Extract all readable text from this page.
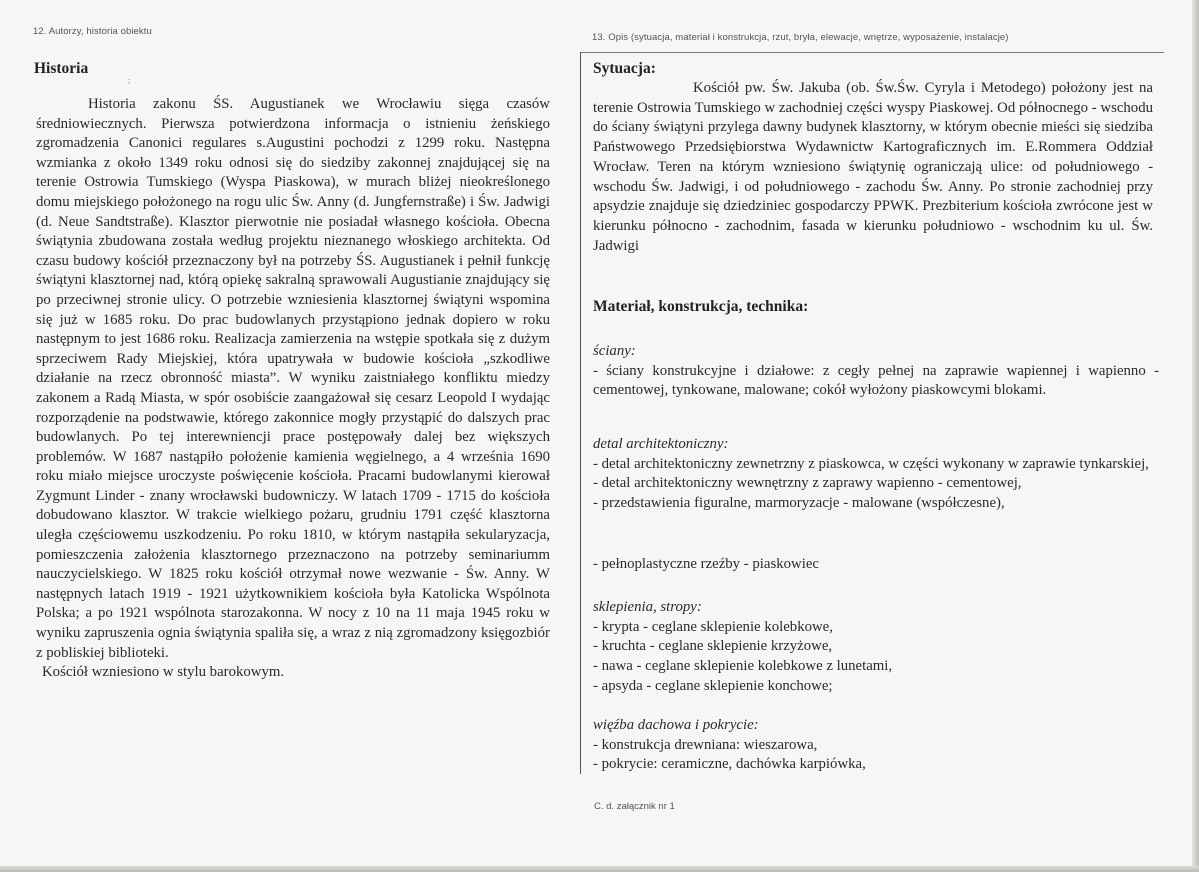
12. Autorzy, historia obiektu
13. Opis (sytuacja, materiał i konstrukcja, rzut, bryła, elewacje, wnętrze, wyposażenie, instalacje)
Historia
;

Historia zakonu ŚS. Augustianek we Wrocławiu sięga czasów średniowiecznych. Pierwsza potwierdzona informacja o istnieniu żeńskiego zgromadzenia Canonici regulares s.Augustini pochodzi z 1299 roku. Następna wzmianka z około 1349 roku odnosi się do siedziby zakonnej znajdującej się na terenie Ostrowia Tumskiego (Wyspa Piaskowa), w murach bliżej nieokreślonego domu miejskiego położonego na rogu ulic Św. Anny (d. Jungfernstraße) i Św. Jadwigi (d. Neue Sandtstraße). Klasztor pierwotnie nie posiadał własnego kościoła. Obecna świątynia zbudowana została według projektu nieznanego włoskiego architekta. Od czasu budowy kościół przeznaczony był na potrzeby ŚS. Augustianek i pełnił funkcję świątyni klasztornej nad, którą opiekę sakralną sprawowali Augustianie znajdujący się po przeciwnej stronie ulicy. O potrzebie wzniesienia klasztornej świątyni wspomina się już w 1685 roku. Do prac budowlanych przystąpiono jednak dopiero w roku następnym to jest 1686 roku. Realizacja zamierzenia na wstępie spotkała się z dużym sprzeciwem Rady Miejskiej, która upatrywała w budowie kościoła „szkodliwe działanie na rzecz obronność miasta”. W wyniku zaistniałego konfliktu miedzy zakonem a Radą Miasta, w spór osobiście zaangażował się cesarz Leopold I wydając rozporządenie na podstwawie, którego zakonnice mogły przystąpić do dalszych prac budowlanych. Po tej interewniencji prace postępowały dalej bez większych problemów. W 1687 nastąpiło położenie kamienia węgielnego, a 4 września 1690 roku miało miejsce uroczyste poświęcenie kościoła. Pracami budowlanymi kierował Zygmunt Linder - znany wrocławski budowniczy. W latach 1709 - 1715 do kościoła dobudowano klasztor. W trakcie wielkiego pożaru, grudniu 1791 część klasztorna uległa częściowemu uszkodzeniu. Po roku 1810, w którym nastąpiła sekularyzacja, pomieszczenia założenia klasztornego przeznaczono na potrzeby seminariumm nauczycielskiego. W 1825 roku kościół otrzymał nowe wezwanie - Św. Anny. W następnych latach 1919 - 1921 użytkownikiem kościoła była Katolicka Wspólnota Polska; a po 1921 wspólnota starozakonna. W nocy z 10 na 11 maja 1945 roku w wyniku zapruszenia ognia świątynia spaliła się, a wraz z nią zgromadzony księgozbiór z pobliskiej biblioteki.

Kościół wzniesiono w stylu barokowym.

Sytuacja:
Kościół pw. Św. Jakuba (ob. Św.Św. Cyryla i Metodego) położony jest na terenie Ostrowia Tumskiego w zachodniej części wyspy Piaskowej. Od północnego - wschodu do ściany świątyni przylega dawny budynek klasztorny, w którym obecnie mieści się siedziba Państwowego Przedsiębiorstwa Wydawnictw Kartograficznych im. E.Rommera Oddział Wrocław. Teren na którym wzniesiono świątynię ograniczają ulice: od południowego - wschodu Św. Jadwigi, i od południowego - zachodu Św. Anny. Po stronie zachodniej przy apsydzie znajduje się dziedziniec gospodarczy PPWK. Prezbiterium kościoła zwrócone jest w kierunku północno - zachodnim, fasada w kierunku południowo - wschodnim ku ul. Św. Jadwigi
Materiał, konstrukcja, technika:
ściany:
- ściany konstrukcyjne i działowe: z cegły pełnej na zaprawie wapiennej i wapienno - cementowej, tynkowane, malowane; cokół wyłożony piaskowcymi blokami.
detal architektoniczny:
- detal architektoniczny zewnetrzny z piaskowca, w części wykonany w zaprawie tynkarskiej,
- detal architektoniczny wewnętrzny z zaprawy wapienno - cementowej,
- przedstawienia figuralne, marmoryzacje - malowane (współczesne),
- pełnoplastyczne rzeźby - piaskowiec
sklepienia, stropy:
- krypta - ceglane sklepienie kolebkowe,
- kruchta - ceglane sklepienie krzyżowe,
- nawa - ceglane sklepienie kolebkowe z lunetami,
- apsyda - ceglane sklepienie konchowe;
więźba dachowa i pokrycie:
- konstrukcja drewniana: wieszarowa,
- pokrycie: ceramiczne, dachówka karpiówka,
C. d. załącznik nr 1
